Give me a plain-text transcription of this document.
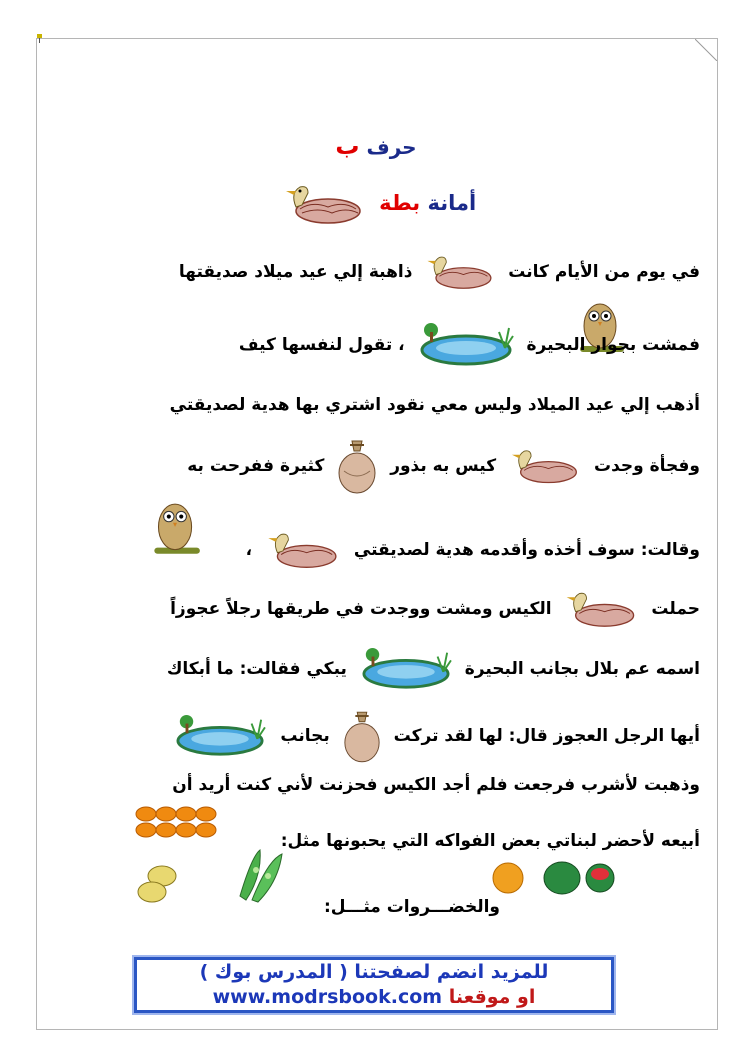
حرف ب
أمانة بطة
في يوم من الأيام كانت  ذاهبة إلي عيد ميلاد صديقتها
فمشت بجوار البحيرة  ، تقول لنفسها كيف
أذهب إلي عيد الميلاد وليس معي نقود اشتري بها هدية لصديقتي
وفجأة وجدت  كيس به بذور  كثيرة ففرحت به
وقالت: سوف أخذه وأقدمه هدية لصديقتي  ،
حملت  الكيس ومشت ووجدت في طريقها رجلاً عجوزاً
اسمه عم بلال بجانب البحيرة  يبكي فقالت: ما أبكاك
أيها الرجل العجوز قال: لها لقد تركت  بجانب
وذهبت لأشرب فرجعت فلم أجد الكيس فحزنت لأني كنت أريد أن
أبيعه لأحضر لبناتي بعض الفواكه التي يحبونها مثل:
والخضـــروات مثـــل:
للمزيد انضم لصفحتنا ( المدرس بوك )
www.modrsbook.com او موقعنا
